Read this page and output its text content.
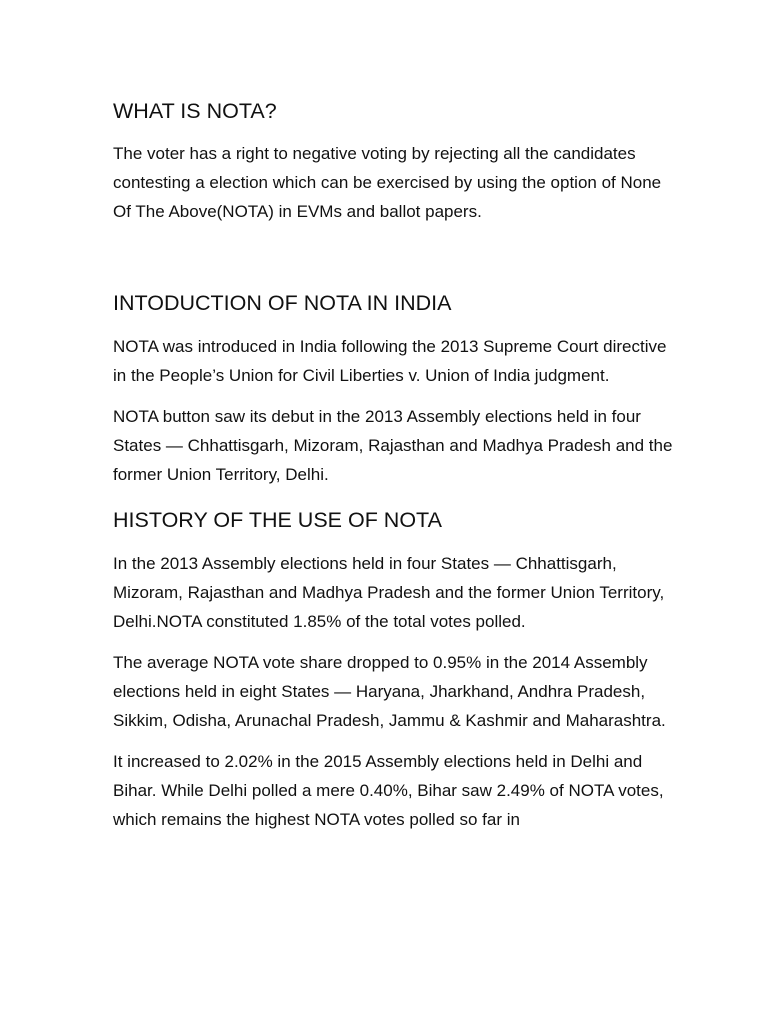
WHAT IS NOTA?

The voter has a right to negative voting by rejecting all the candidates contesting a election which can be exercised by using the option of None Of The Above(NOTA) in EVMs and ballot papers.

INTODUCTION OF NOTA IN INDIA

NOTA was introduced in India following the 2013 Supreme Court directive in the People’s Union for Civil Liberties v. Union of India judgment.

NOTA button saw its debut in the 2013 Assembly elections held in four States — Chhattisgarh, Mizoram, Rajasthan and Madhya Pradesh and the former Union Territory, Delhi.

HISTORY OF THE USE OF NOTA

In the 2013 Assembly elections held in four States — Chhattisgarh, Mizoram, Rajasthan and Madhya Pradesh and the former Union Territory, Delhi.NOTA constituted 1.85% of the total votes polled.

The average NOTA vote share dropped to 0.95% in the 2014 Assembly elections held in eight States — Haryana, Jharkhand, Andhra Pradesh, Sikkim, Odisha, Arunachal Pradesh, Jammu & Kashmir and Maharashtra.

It increased to 2.02% in the 2015 Assembly elections held in Delhi and Bihar. While Delhi polled a mere 0.40%, Bihar saw 2.49% of NOTA votes, which remains the highest NOTA votes polled so far in
